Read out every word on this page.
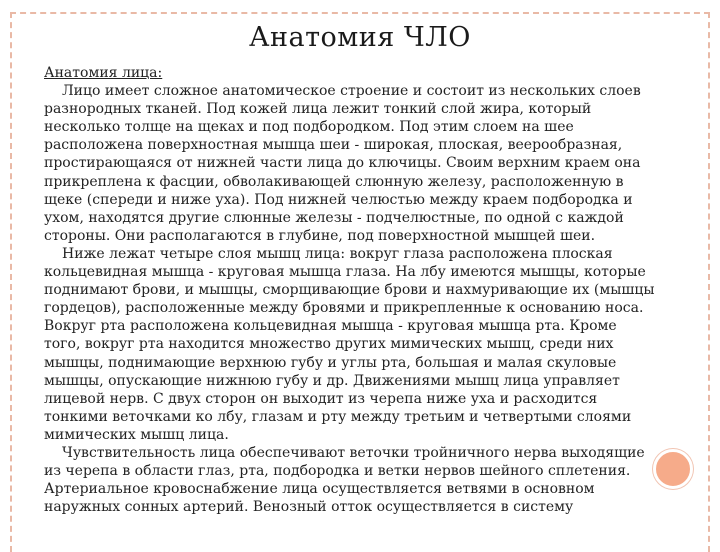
Анатомия ЧЛО
Анатомия лица:

Лицо имеет сложное анатомическое строение и состоит из нескольких слоев разнородных тканей. Под кожей лица лежит тонкий слой жира, который несколько толще на щеках и под подбородком. Под этим слоем на шее расположена поверхностная мышца шеи - широкая, плоская, веерообразная, простирающаяся от нижней части лица до ключицы. Своим верхним краем она прикреплена к фасции, обволакивающей слюнную железу, расположенную в щеке (спереди и ниже уха). Под нижней челюстью между краем подбородка и ухом, находятся другие слюнные железы - подчелюстные, по одной с каждой стороны. Они располагаются в глубине, под поверхностной мышцей шеи.

Ниже лежат четыре слоя мышц лица: вокруг глаза расположена плоская кольцевидная мышца - круговая мышца глаза. На лбу имеются мышцы, которые поднимают брови, и мышцы, сморщивающие брови и нахмуривающие их (мышцы гордецов), расположенные между бровями и прикрепленные к основанию носа. Вокруг рта расположена кольцевидная мышца - круговая мышца рта. Кроме того, вокруг рта находится множество других мимических мышц, среди них мышцы, поднимающие верхнюю губу и углы рта, большая и малая скуловые мышцы, опускающие нижнюю губу и др. Движениями мышц лица управляет лицевой нерв. С двух сторон он выходит из черепа ниже уха и расходится тонкими веточками ко лбу, глазам и рту между третьим и четвертыми слоями мимических мышц лица.

Чувствительность лица обеспечивают веточки тройничного нерва выходящие из черепа в области глаз, рта, подбородка и ветки нервов шейного сплетения. Артериальное кровоснабжение лица осуществляется ветвями в основном наружных сонных артерий. Венозный отток осуществляется в систему
